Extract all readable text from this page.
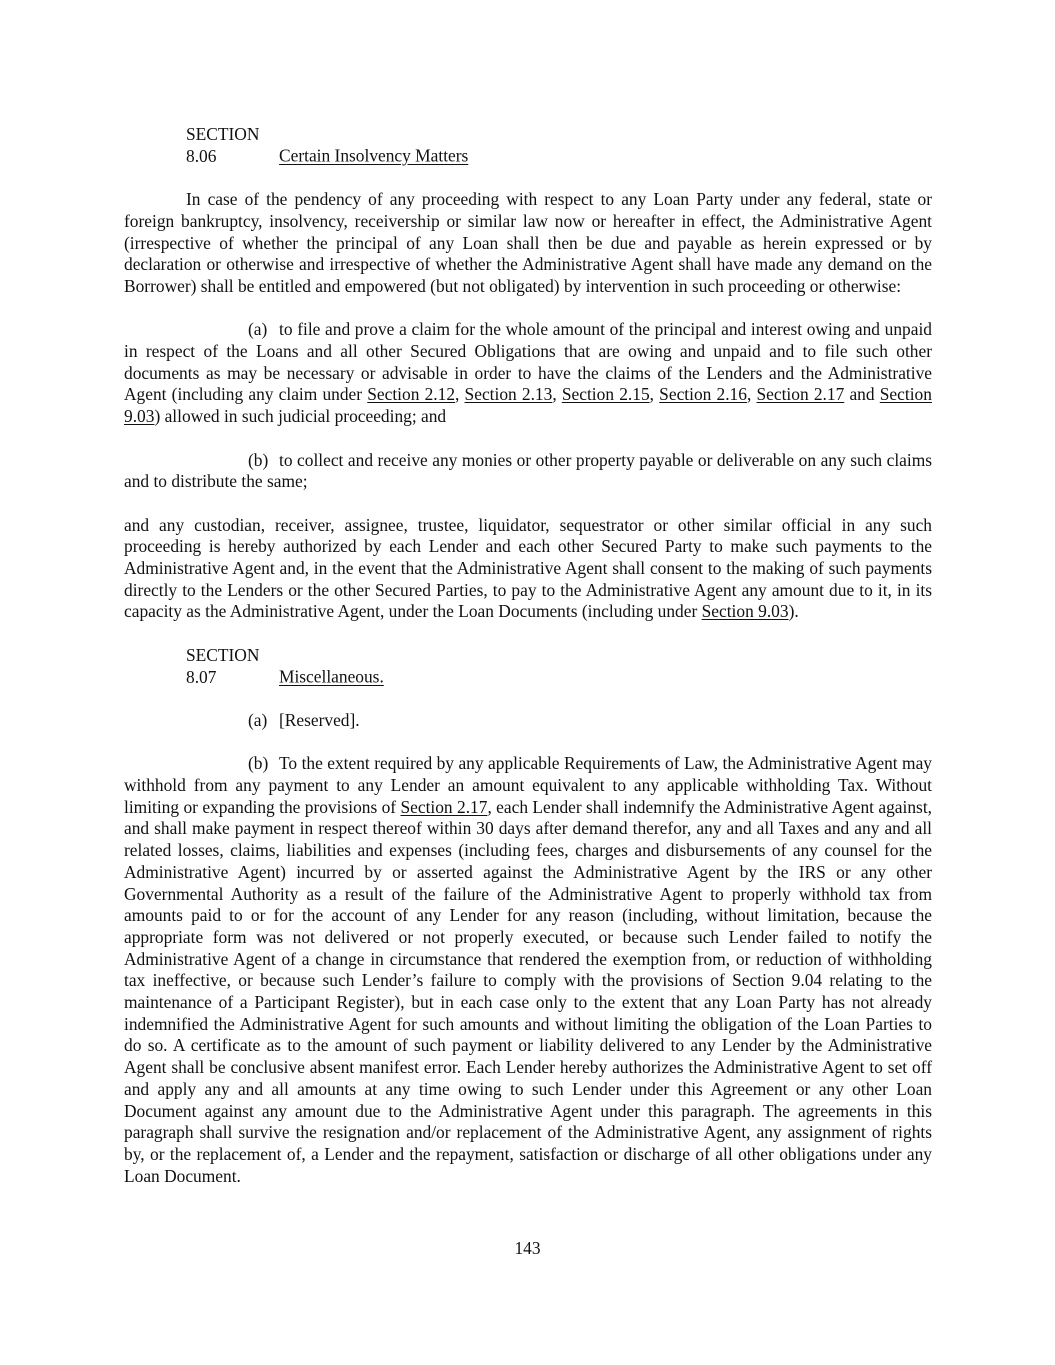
SECTION 8.06	Certain Insolvency Matters

In case of the pendency of any proceeding with respect to any Loan Party under any federal, state or foreign bankruptcy, insolvency, receivership or similar law now or hereafter in effect, the Administrative Agent (irrespective of whether the principal of any Loan shall then be due and payable as herein expressed or by declaration or otherwise and irrespective of whether the Administrative Agent shall have made any demand on the Borrower) shall be entitled and empowered (but not obligated) by intervention in such proceeding or otherwise:

(a) to file and prove a claim for the whole amount of the principal and interest owing and unpaid in respect of the Loans and all other Secured Obligations that are owing and unpaid and to file such other documents as may be necessary or advisable in order to have the claims of the Lenders and the Administrative Agent (including any claim under Section 2.12, Section 2.13, Section 2.15, Section 2.16, Section 2.17 and Section 9.03) allowed in such judicial proceeding; and

(b) to collect and receive any monies or other property payable or deliverable on any such claims and to distribute the same;

and any custodian, receiver, assignee, trustee, liquidator, sequestrator or other similar official in any such proceeding is hereby authorized by each Lender and each other Secured Party to make such payments to the Administrative Agent and, in the event that the Administrative Agent shall consent to the making of such payments directly to the Lenders or the other Secured Parties, to pay to the Administrative Agent any amount due to it, in its capacity as the Administrative Agent, under the Loan Documents (including under Section 9.03).

SECTION 8.07	Miscellaneous.

(a) [Reserved].

(b) To the extent required by any applicable Requirements of Law, the Administrative Agent may withhold from any payment to any Lender an amount equivalent to any applicable withholding Tax. Without limiting or expanding the provisions of Section 2.17, each Lender shall indemnify the Administrative Agent against, and shall make payment in respect thereof within 30 days after demand therefor, any and all Taxes and any and all related losses, claims, liabilities and expenses (including fees, charges and disbursements of any counsel for the Administrative Agent) incurred by or asserted against the Administrative Agent by the IRS or any other Governmental Authority as a result of the failure of the Administrative Agent to properly withhold tax from amounts paid to or for the account of any Lender for any reason (including, without limitation, because the appropriate form was not delivered or not properly executed, or because such Lender failed to notify the Administrative Agent of a change in circumstance that rendered the exemption from, or reduction of withholding tax ineffective, or because such Lender’s failure to comply with the provisions of Section 9.04 relating to the maintenance of a Participant Register), but in each case only to the extent that any Loan Party has not already indemnified the Administrative Agent for such amounts and without limiting the obligation of the Loan Parties to do so. A certificate as to the amount of such payment or liability delivered to any Lender by the Administrative Agent shall be conclusive absent manifest error. Each Lender hereby authorizes the Administrative Agent to set off and apply any and all amounts at any time owing to such Lender under this Agreement or any other Loan Document against any amount due to the Administrative Agent under this paragraph. The agreements in this paragraph shall survive the resignation and/or replacement of the Administrative Agent, any assignment of rights by, or the replacement of, a Lender and the repayment, satisfaction or discharge of all other obligations under any Loan Document.

143
